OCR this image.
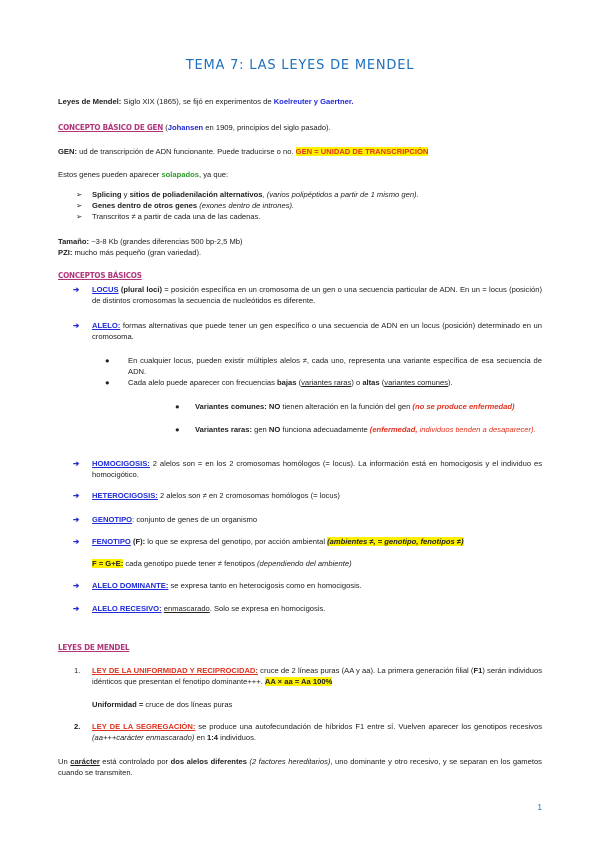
TEMA 7: LAS LEYES DE MENDEL
Leyes de Mendel: Siglo XIX (1865), se fijó en experimentos de Koelreuter y Gaertner.
CONCEPTO BÁSICO DE GEN (Johansen en 1909, principios del siglo pasado).
GEN: ud de transcripción de ADN funcionante. Puede traducirse o no. GEN = UNIDAD DE TRANSCRIPCIÓN
Estos genes pueden aparecer solapados, ya que:
➢ Splicing y sitios de poliadenilación alternativos, (varios polipéptidos a partir de 1 mismo gen).
➢ Genes dentro de otros genes (exones dentro de intrones).
➢ Transcritos ≠ a partir de cada una de las cadenas.
Tamaño: ~3-8 Kb (grandes diferencias 500 bp-2,5 Mb)
PZI: mucho más pequeño (gran variedad).
CONCEPTOS BÁSICOS
➔ LOCUS (plural loci) = posición específica en un cromosoma de un gen o una secuencia particular de ADN. En un = locus (posición) de distintos cromosomas la secuencia de nucleótidos es diferente.
➔ ALELO: formas alternativas que puede tener un gen específico o una secuencia de ADN en un locus (posición) determinado en un cromosoma.
● En cualquier locus, pueden existir múltiples alelos ≠, cada uno, representa una variante específica de esa secuencia de ADN.
● Cada alelo puede aparecer con frecuencias bajas (variantes raras) o altas (variantes comunes).
● Variantes comunes: NO tienen alteración en la función del gen (no se produce enfermedad)
● Variantes raras: gen NO funciona adecuadamente (enfermedad, individuos tienden a desaparecer).
➔ HOMOCIGOSIS: 2 alelos son = en los 2 cromosomas homólogos (= locus). La información está en homocigosis y el individuo es homocigótico.
➔ HETEROCIGOSIS: 2 alelos son ≠ en 2 cromosomas homólogos (= locus)
➔ GENOTIPO: conjunto de genes de un organismo
➔ FENOTIPO (F): lo que se expresa del genotipo, por acción ambiental (ambientes ≠, = genotipo, fenotipos ≠)
F = G+E: cada genotipo puede tener ≠ fenotipos (dependiendo del ambiente)
➔ ALELO DOMINANTE: se expresa tanto en heterocigosis como en homocigosis.
➔ ALELO RECESIVO: enmascarado. Solo se expresa en homocigosis.
LEYES DE MENDEL
1. LEY DE LA UNIFORMIDAD Y RECIPROCIDAD: cruce de 2 líneas puras (AA y aa). La primera generación filial (F1) serán individuos idénticos que presentan el fenotipo dominante+++. AA × aa = Aa 100%
Uniformidad = cruce de dos líneas puras
2. LEY DE LA SEGREGACIÓN: se produce una autofecundación de híbridos F1 entre sí. Vuelven aparecer los genotipos recesivos (aa+++carácter enmascarado) en 1:4 individuos.
Un carácter está controlado por dos alelos diferentes (2 factores hereditarios), uno dominante y otro recesivo, y se separan en los gametos cuando se transmiten.
1
